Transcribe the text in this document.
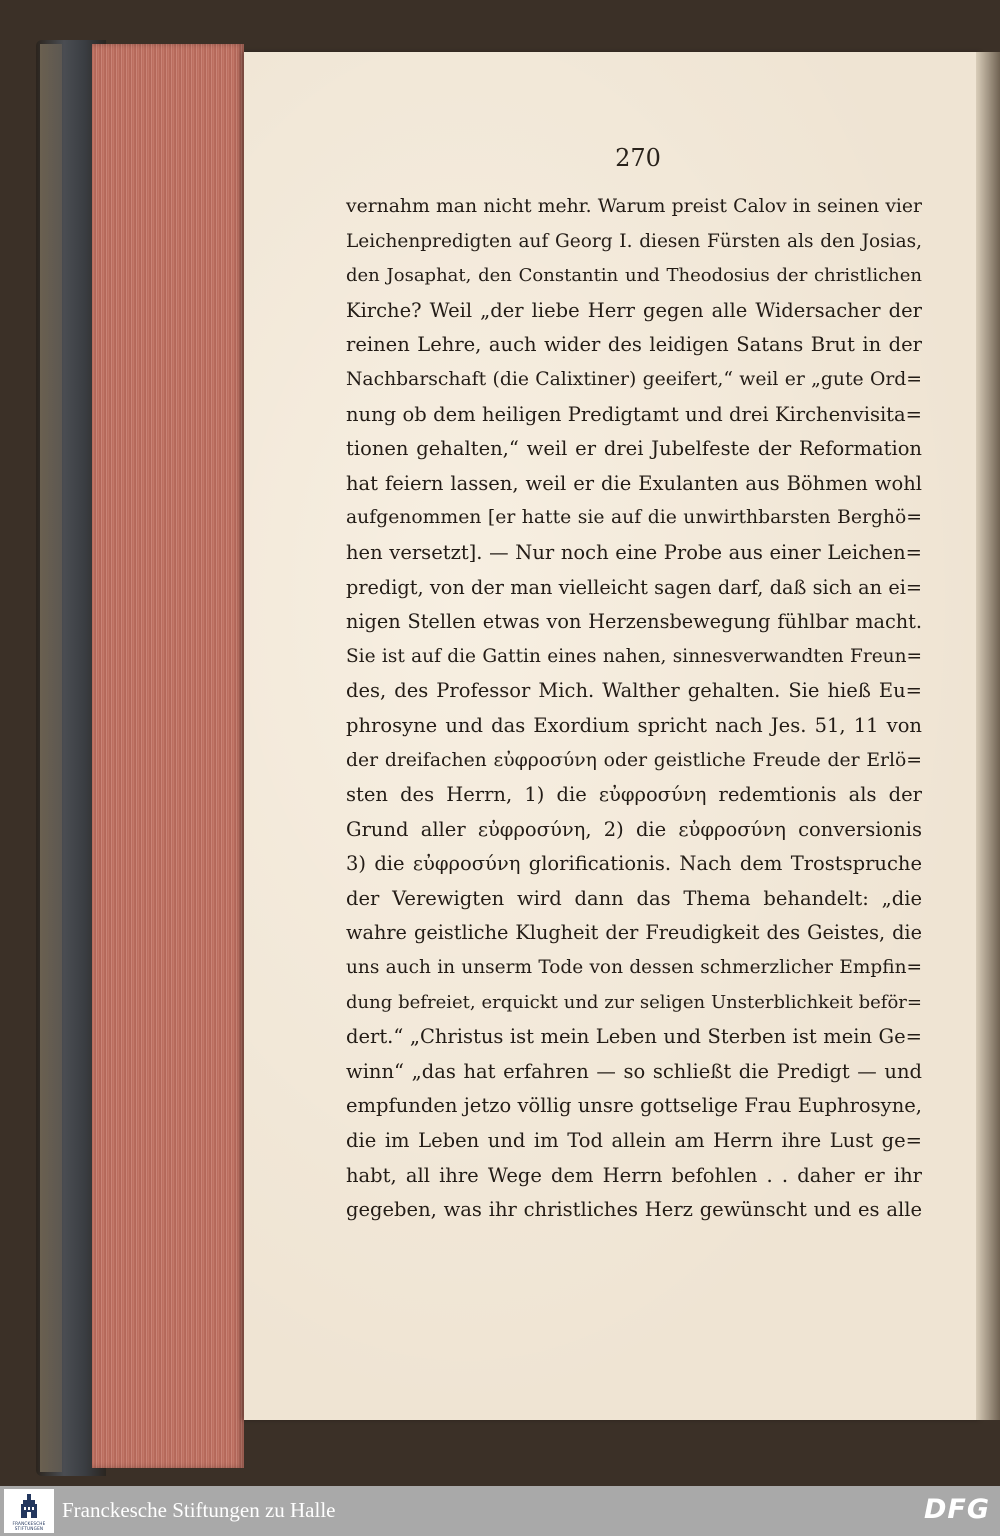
270
vernahm man nicht mehr. Warum preist Calov in seinen vier
Leichenpredigten auf Georg I. diesen Fürsten als den Josias,
den Josaphat, den Constantin und Theodosius der christlichen
Kirche? Weil „der liebe Herr gegen alle Widersacher der
reinen Lehre, auch wider des leidigen Satans Brut in der
Nachbarschaft (die Calixtiner) geeifert,“ weil er „gute Ord=
nung ob dem heiligen Predigtamt und drei Kirchenvisita=
tionen gehalten,“ weil er drei Jubelfeste der Reformation
hat feiern lassen, weil er die Exulanten aus Böhmen wohl
aufgenommen [er hatte sie auf die unwirthbarsten Berghö=
hen versetzt]. — Nur noch eine Probe aus einer Leichen=
predigt, von der man vielleicht sagen darf, daß sich an ei=
nigen Stellen etwas von Herzensbewegung fühlbar macht.
Sie ist auf die Gattin eines nahen, sinnesverwandten Freun=
des, des Professor Mich. Walther gehalten. Sie hieß Eu=
phrosyne und das Exordium spricht nach Jes. 51, 11 von
der dreifachen εὐφροσύνη oder geistliche Freude der Erlö=
sten des Herrn, 1) die εὐφροσύνη redemtionis als der
Grund aller εὐφροσύνη, 2) die εὐφροσύνη conversionis
3) die εὐφροσύνη glorificationis. Nach dem Trostspruche
der Verewigten wird dann das Thema behandelt: „die
wahre geistliche Klugheit der Freudigkeit des Geistes, die
uns auch in unserm Tode von dessen schmerzlicher Empfin=
dung befreiet, erquickt und zur seligen Unsterblichkeit beför=
dert.“ „Christus ist mein Leben und Sterben ist mein Ge=
winn“ „das hat erfahren — so schließt die Predigt — und
empfunden jetzo völlig unsre gottselige Frau Euphrosyne,
die im Leben und im Tod allein am Herrn ihre Lust ge=
habt, all ihre Wege dem Herrn befohlen . . daher er ihr
gegeben, was ihr christliches Herz gewünscht und es alle
FRANCKESCHE STIFTUNGEN
Franckesche Stiftungen zu Halle	DFG
